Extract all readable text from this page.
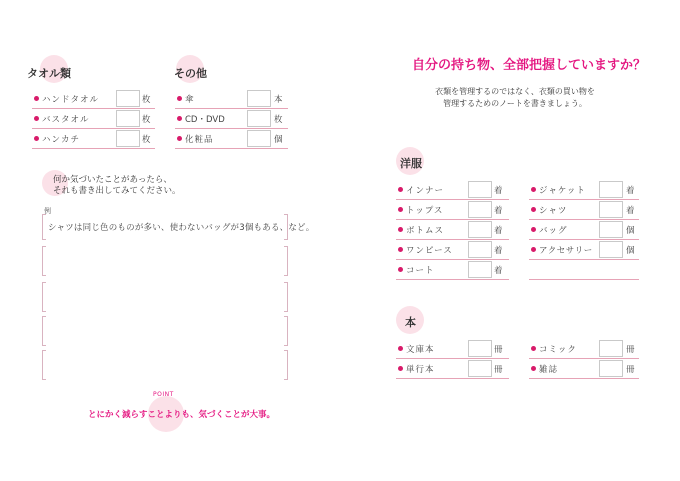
タオル類
ハンドタオル	枚
バスタオル	枚
ハンカチ	枚
その他
傘	本
CD・DVD	枚
化粧品	個
何か気づいたことがあったら、
それも書き出してみてください。
例
シャツは同じ色のものが多い、使わないバッグが3個もある、など。
POINT
とにかく減らすことよりも、気づくことが大事。
自分の持ち物、全部把握していますか？
衣類を管理するのではなく、衣類の買い物を
管理するためのノートを書きましょう。
洋服
インナー	着
トップス	着
ボトムス	着
ワンピース	着
コート	着
ジャケット	着
シャツ	着
バッグ	個
アクセサリー	個
本
文庫本	冊
単行本	冊
コミック	冊
雑誌	冊
